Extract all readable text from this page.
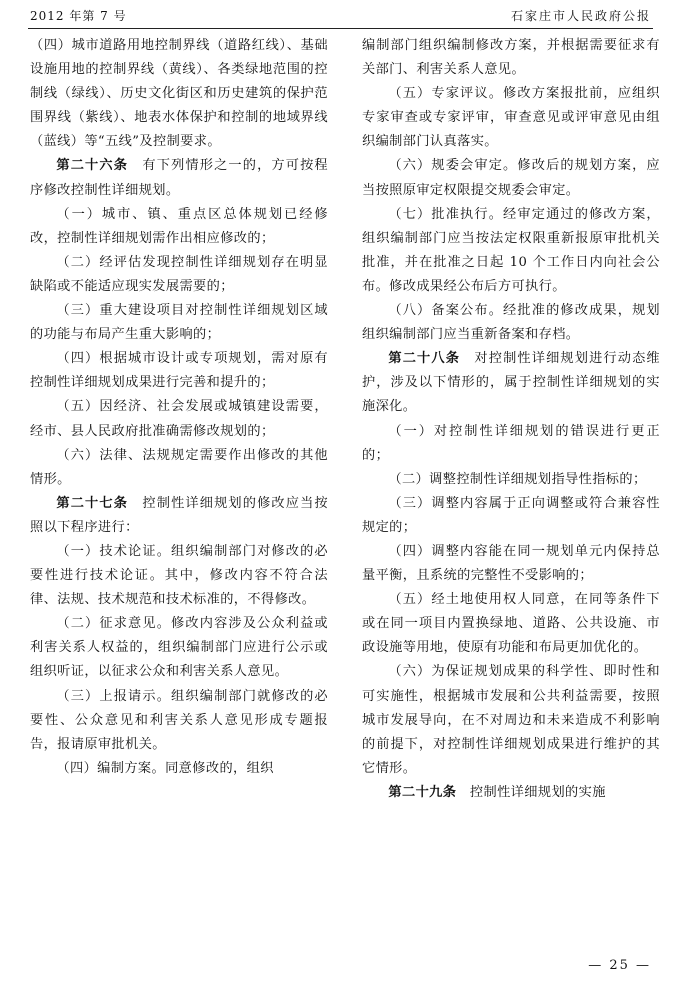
2012 年第 7 号	石家庄市人民政府公报

（四）城市道路用地控制界线（道路红线）、基础设施用地的控制界线（黄线）、各类绿地范围的控制线（绿线）、历史文化街区和历史建筑的保护范围界线（紫线）、地表水体保护和控制的地域界线（蓝线）等“五线”及控制要求。

第二十六条　 有下列情形之一的，方可按程序修改控制性详细规划。

（一）城市、镇、重点区总体规划已经修改，控制性详细规划需作出相应修改的；

（二）经评估发现控制性详细规划存在明显缺陷或不能适应现实发展需要的；

（三）重大建设项目对控制性详细规划区域的功能与布局产生重大影响的；

（四）根据城市设计或专项规划，需对原有控制性详细规划成果进行完善和提升的；

（五）因经济、社会发展或城镇建设需要，经市、县人民政府批准确需修改规划的；

（六）法律、法规规定需要作出修改的其他情形。

第二十七条　 控制性详细规划的修改应当按照以下程序进行：

（一）技术论证。组织编制部门对修改的必要性进行技术论证。其中，修改内容不符合法律、法规、技术规范和技术标准的，不得修改。

（二）征求意见。修改内容涉及公众利益或利害关系人权益的，组织编制部门应进行公示或组织听证，以征求公众和利害关系人意见。

（三）上报请示。组织编制部门就修改的必要性、公众意见和利害关系人意见形成专题报告，报请原审批机关。

（四）编制方案。同意修改的，组织

编制部门组织编制修改方案，并根据需要征求有关部门、利害关系人意见。

（五）专家评议。修改方案报批前，应组织专家审查或专家评审，审查意见或评审意见由组织编制部门认真落实。

（六）规委会审定。修改后的规划方案，应当按照原审定权限提交规委会审定。

（七）批准执行。经审定通过的修改方案，组织编制部门应当按法定权限重新报原审批机关批准，并在批准之日起 10 个工作日内向社会公布。修改成果经公布后方可执行。

（八）备案公布。经批准的修改成果，规划组织编制部门应当重新备案和存档。

第二十八条　 对控制性详细规划进行动态维护，涉及以下情形的，属于控制性详细规划的实施深化。

（一）对控制性详细规划的错误进行更正的；

（二）调整控制性详细规划指导性指标的；

（三）调整内容属于正向调整或符合兼容性规定的；

（四）调整内容能在同一规划单元内保持总量平衡，且系统的完整性不受影响的；

（五）经土地使用权人同意，在同等条件下或在同一项目内置换绿地、道路、公共设施、市政设施等用地，使原有功能和布局更加优化的。

（六）为保证规划成果的科学性、即时性和可实施性，根据城市发展和公共利益需要，按照城市发展导向，在不对周边和未来造成不利影响的前提下，对控制性详细规划成果进行维护的其它情形。

第二十九条　 控制性详细规划的实施

— 25 —
